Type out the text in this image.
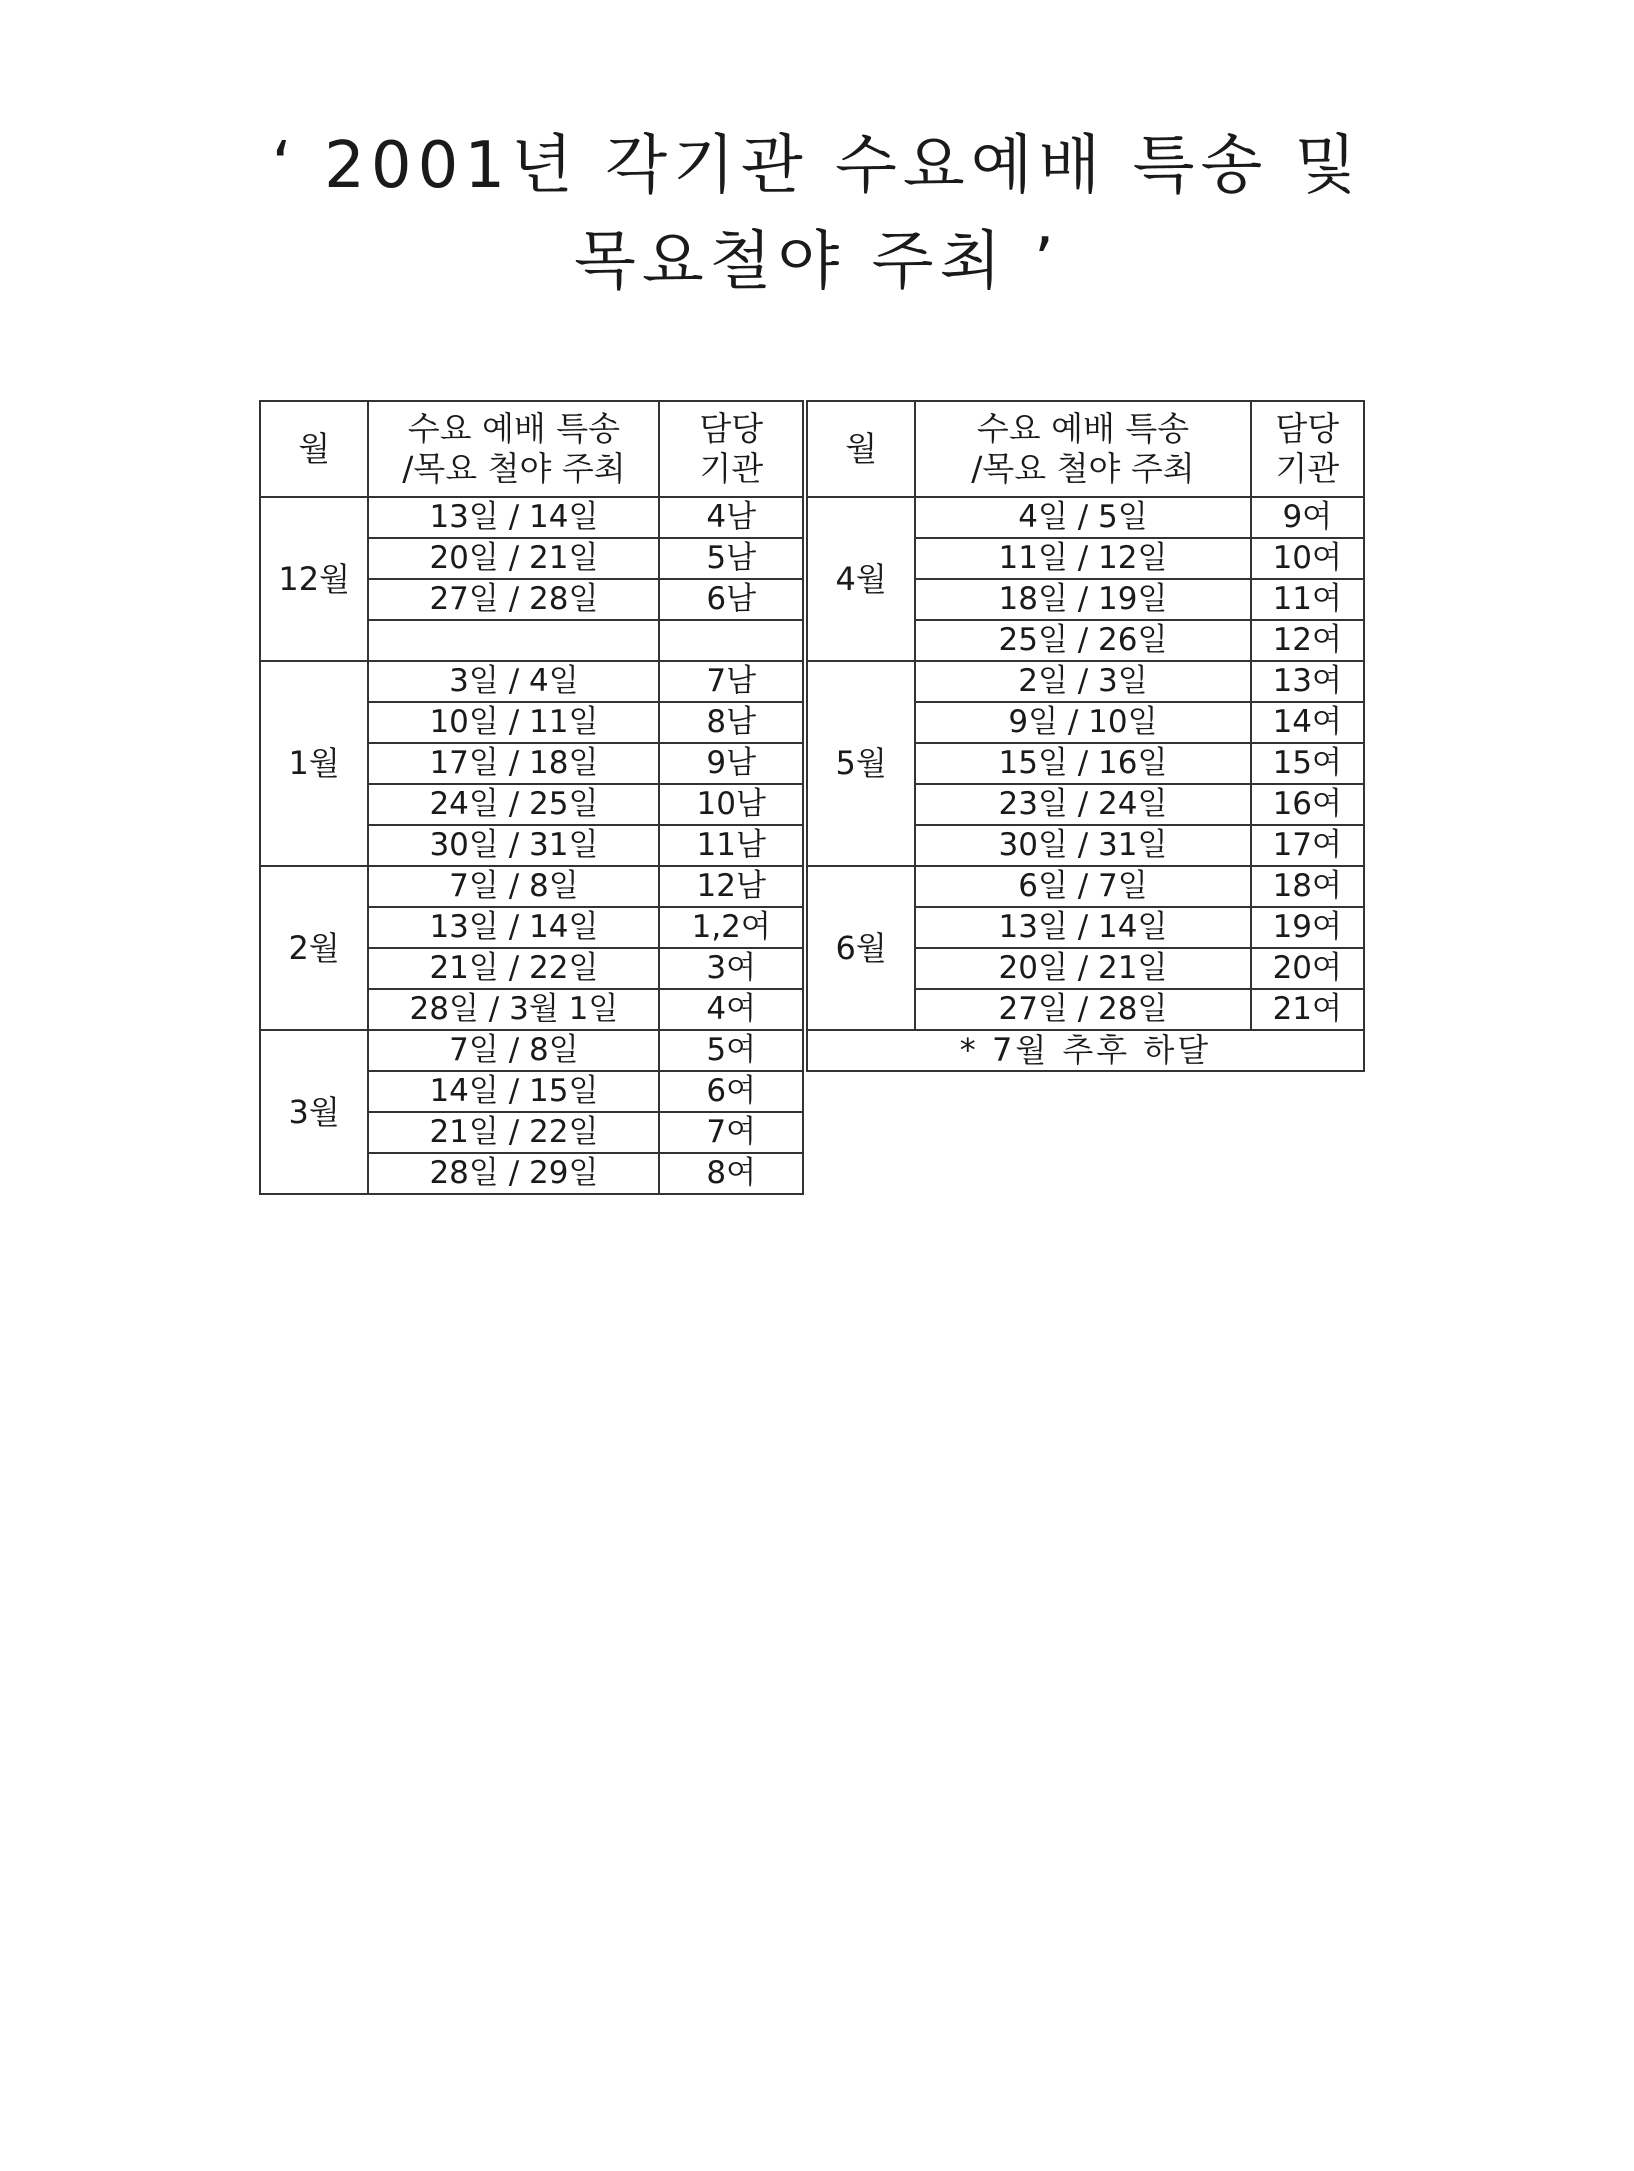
‘ 2001년 각기관 수요예배 특송 및
목요철야 주최 ’
월	수요 예배 특송
/목요 철야 주최	담당
기관

12월	13일 / 14일	4남
	20일 / 21일	5남
	27일 / 28일	6남

1월	3일 / 4일	7남
	10일 / 11일	8남
	17일 / 18일	9남
	24일 / 25일	10남
	30일 / 31일	11남
2월	7일 / 8일	12남
	13일 / 14일	1,2여
	21일 / 22일	3여
	28일 / 3월 1일	4여
3월	7일 / 8일	5여
	14일 / 15일	6여
	21일 / 22일	7여
	28일 / 29일	8여
월	수요 예배 특송
/목요 철야 주최	담당
기관

4월	4일 / 5일	9여
	11일 / 12일	10여
	18일 / 19일	11여
	25일 / 26일	12여
5월	2일 / 3일	13여
	9일 / 10일	14여
	15일 / 16일	15여
	23일 / 24일	16여
	30일 / 31일	17여
6월	6일 / 7일	18여
	13일 / 14일	19여
	20일 / 21일	20여
	27일 / 28일	21여
* 7월 추후 하달		
